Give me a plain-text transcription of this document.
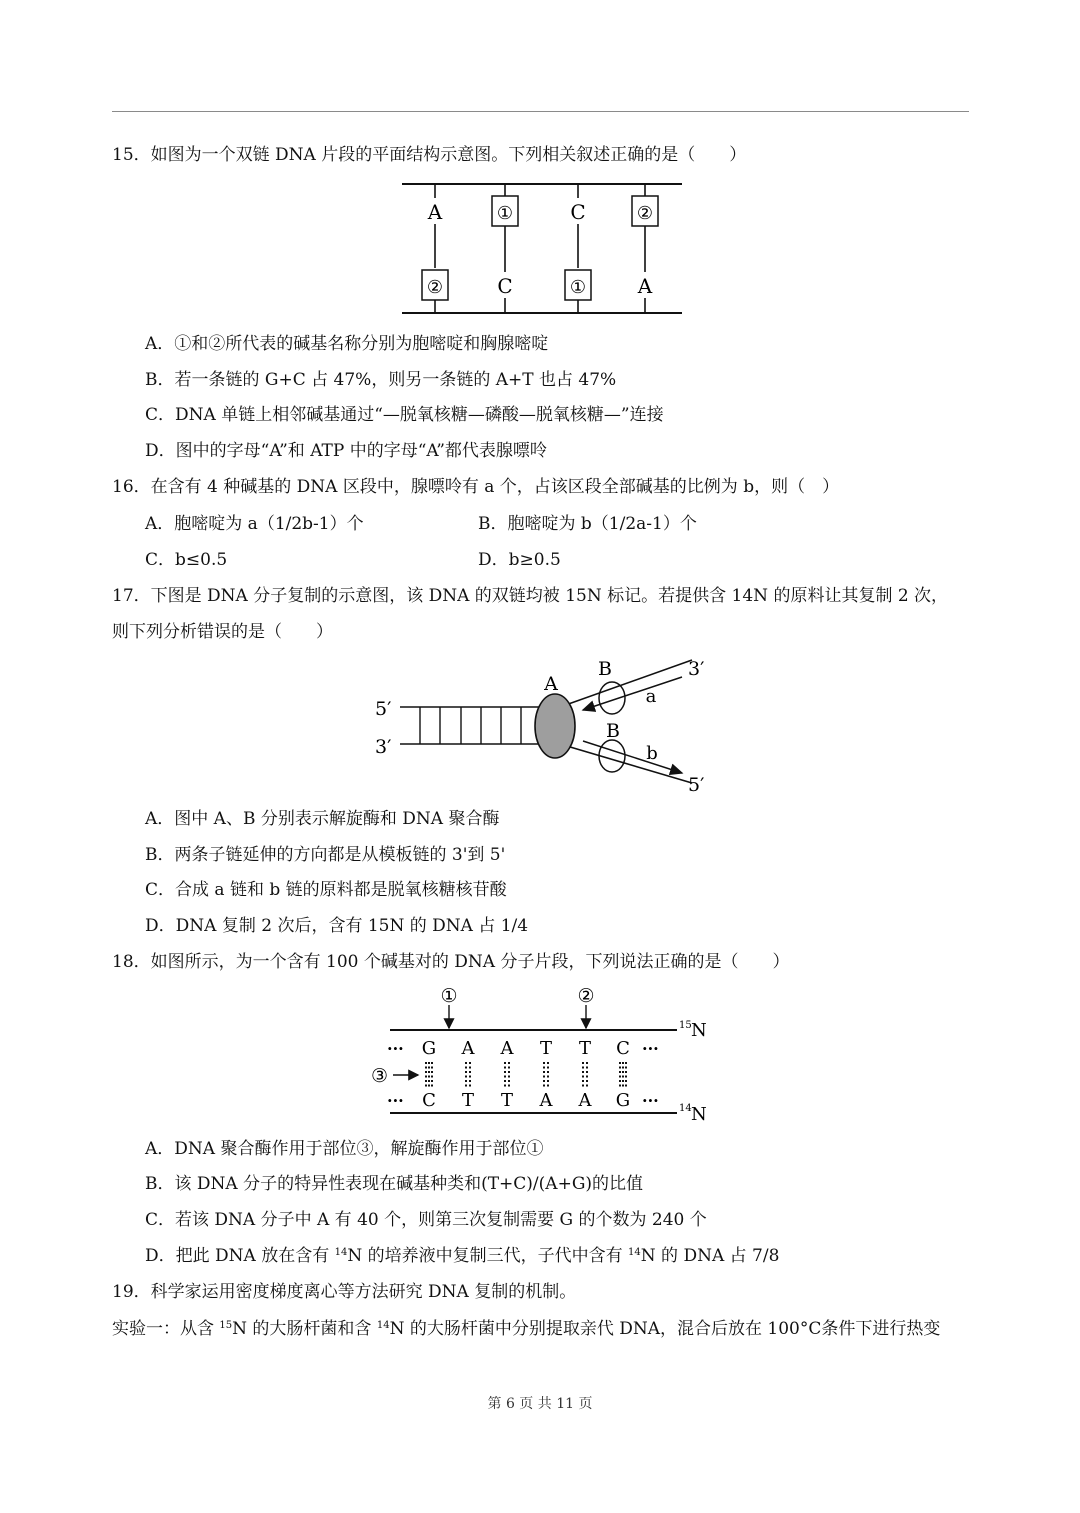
15．如图为一个双链 DNA 片段的平面结构示意图。下列相关叙述正确的是（　　）
A
②
①
C
C
①
②
A
A．①和②所代表的碱基名称分别为胞嘧啶和胸腺嘧啶
B．若一条链的 G+C 占 47%，则另一条链的 A+T 也占 47%
C．DNA 单链上相邻碱基通过“—脱氧核糖—磷酸—脱氧核糖—”连接
D．图中的字母“A”和 ATP 中的字母“A”都代表腺嘌呤
16．在含有 4 种碱基的 DNA 区段中，腺嘌呤有 a 个，占该区段全部碱基的比例为 b，则（　）
A．胞嘧啶为 a（1/2b-1）个	B．胞嘧啶为 b（1/2a-1）个
C．b≤0.5	D．b≥0.5
17．下图是 DNA 分子复制的示意图，该 DNA 的双链均被 15N 标记。若提供含 14N 的原料让其复制 2 次，
则下列分析错误的是（　　）
5′
3′
A
B
B
a
b
3′
5′
A．图中 A、B 分别表示解旋酶和 DNA 聚合酶
B．两条子链延伸的方向都是从模板链的 3'到 5'
C．合成 a 链和 b 链的原料都是脱氧核糖核苷酸
D．DNA 复制 2 次后，含有 15N 的 DNA 占 1/4
18．如图所示，为一个含有 100 个碱基对的 DNA 分子片段，下列说法正确的是（　　）
①	②
③
···
···
···
···
G A A T T C
C T T A A G
15 N
14 N
A．DNA 聚合酶作用于部位③，解旋酶作用于部位①
B．该 DNA 分子的特异性表现在碱基种类和(T+C)/(A+G)的比值
C．若该 DNA 分子中 A 有 40 个，则第三次复制需要 G 的个数为 240 个
D．把此 DNA 放在含有 $^{14}$N 的培养液中复制三代，子代中含有 $^{14}$N 的 DNA 占 7/8
19．科学家运用密度梯度离心等方法研究 DNA 复制的机制。
实验一：从含 $^{15}$N 的大肠杆菌和含 $^{14}$N 的大肠杆菌中分别提取亲代 DNA，混合后放在 100°C条件下进行热变
第 6 页 共 11 页
